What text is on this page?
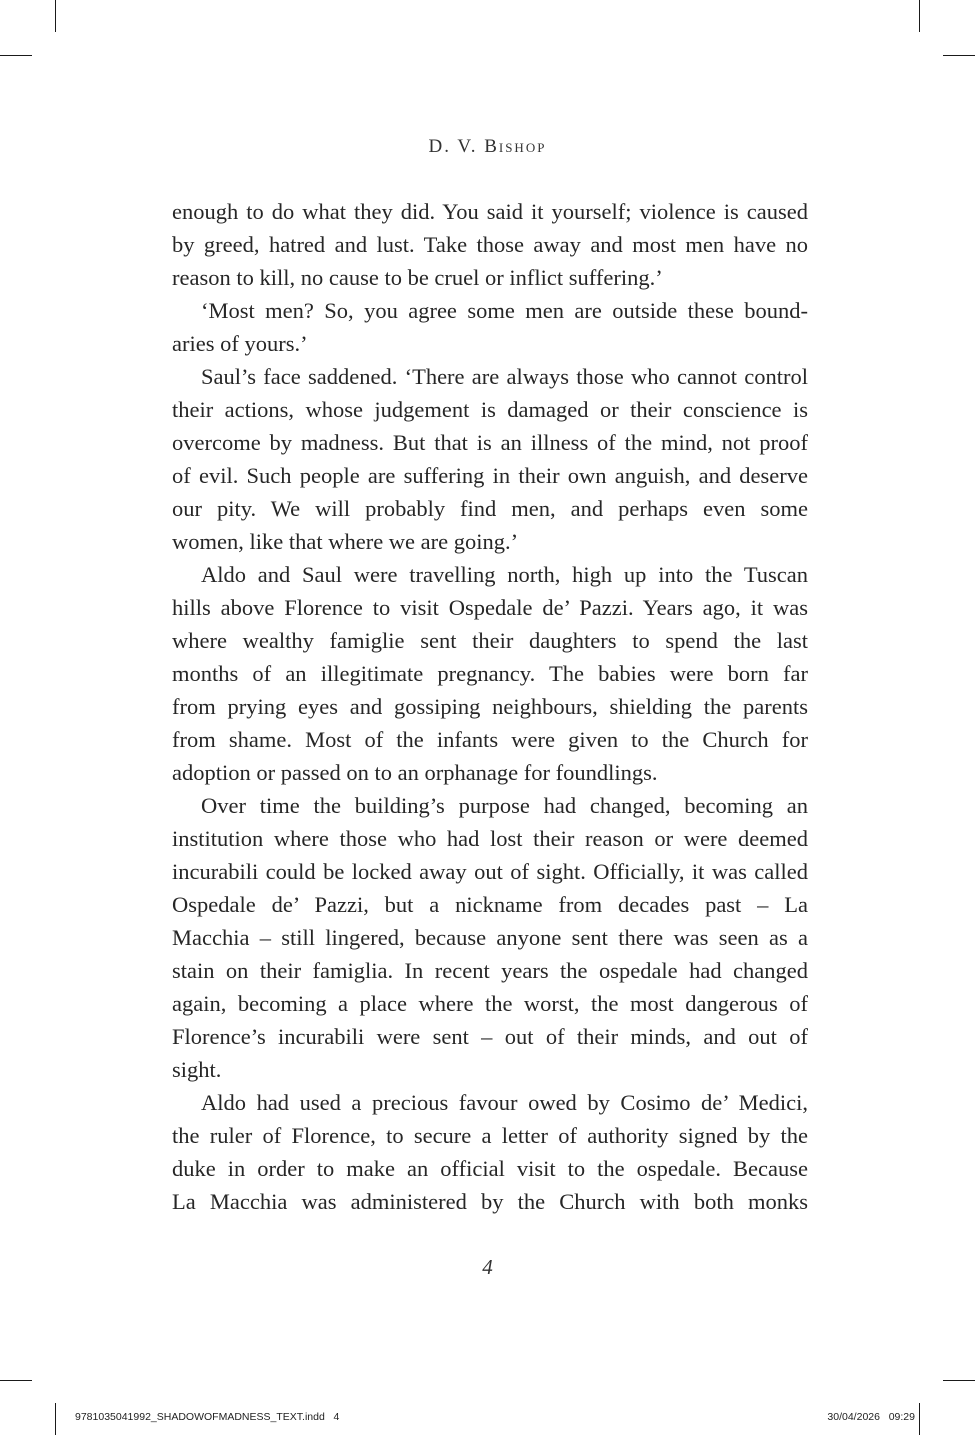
D. V. Bishop
enough to do what they did. You said it yourself; violence is caused
by greed, hatred and lust. Take those away and most men have no
reason to kill, no cause to be cruel or inflict suffering.’
‘Most men? So, you agree some men are outside these bound-
aries of yours.’
Saul’s face saddened. ‘There are always those who cannot control
their actions, whose judgement is damaged or their conscience is
overcome by madness. But that is an illness of the mind, not proof
of evil. Such people are suffering in their own anguish, and deserve
our pity. We will probably find men, and perhaps even some
women, like that where we are going.’
Aldo and Saul were travelling north, high up into the Tuscan
hills above Florence to visit Ospedale de’ Pazzi. Years ago, it was
where wealthy famiglie sent their daughters to spend the last
months of an illegitimate pregnancy. The babies were born far
from prying eyes and gossiping neighbours, shielding the parents
from shame. Most of the infants were given to the Church for
adoption or passed on to an orphanage for foundlings.
Over time the building’s purpose had changed, becoming an
institution where those who had lost their reason or were deemed
incurabili could be locked away out of sight. Officially, it was called
Ospedale de’ Pazzi, but a nickname from decades past – La
Macchia – still lingered, because anyone sent there was seen as a
stain on their famiglia. In recent years the ospedale had changed
again, becoming a place where the worst, the most dangerous of
Florence’s incurabili were sent – out of their minds, and out of
sight.
Aldo had used a precious favour owed by Cosimo de’ Medici,
the ruler of Florence, to secure a letter of authority signed by the
duke in order to make an official visit to the ospedale. Because
La Macchia was administered by the Church with both monks
4
9781035041992_SHADOWOFMADNESS_TEXT.indd   4	30/04/2026   09:29
